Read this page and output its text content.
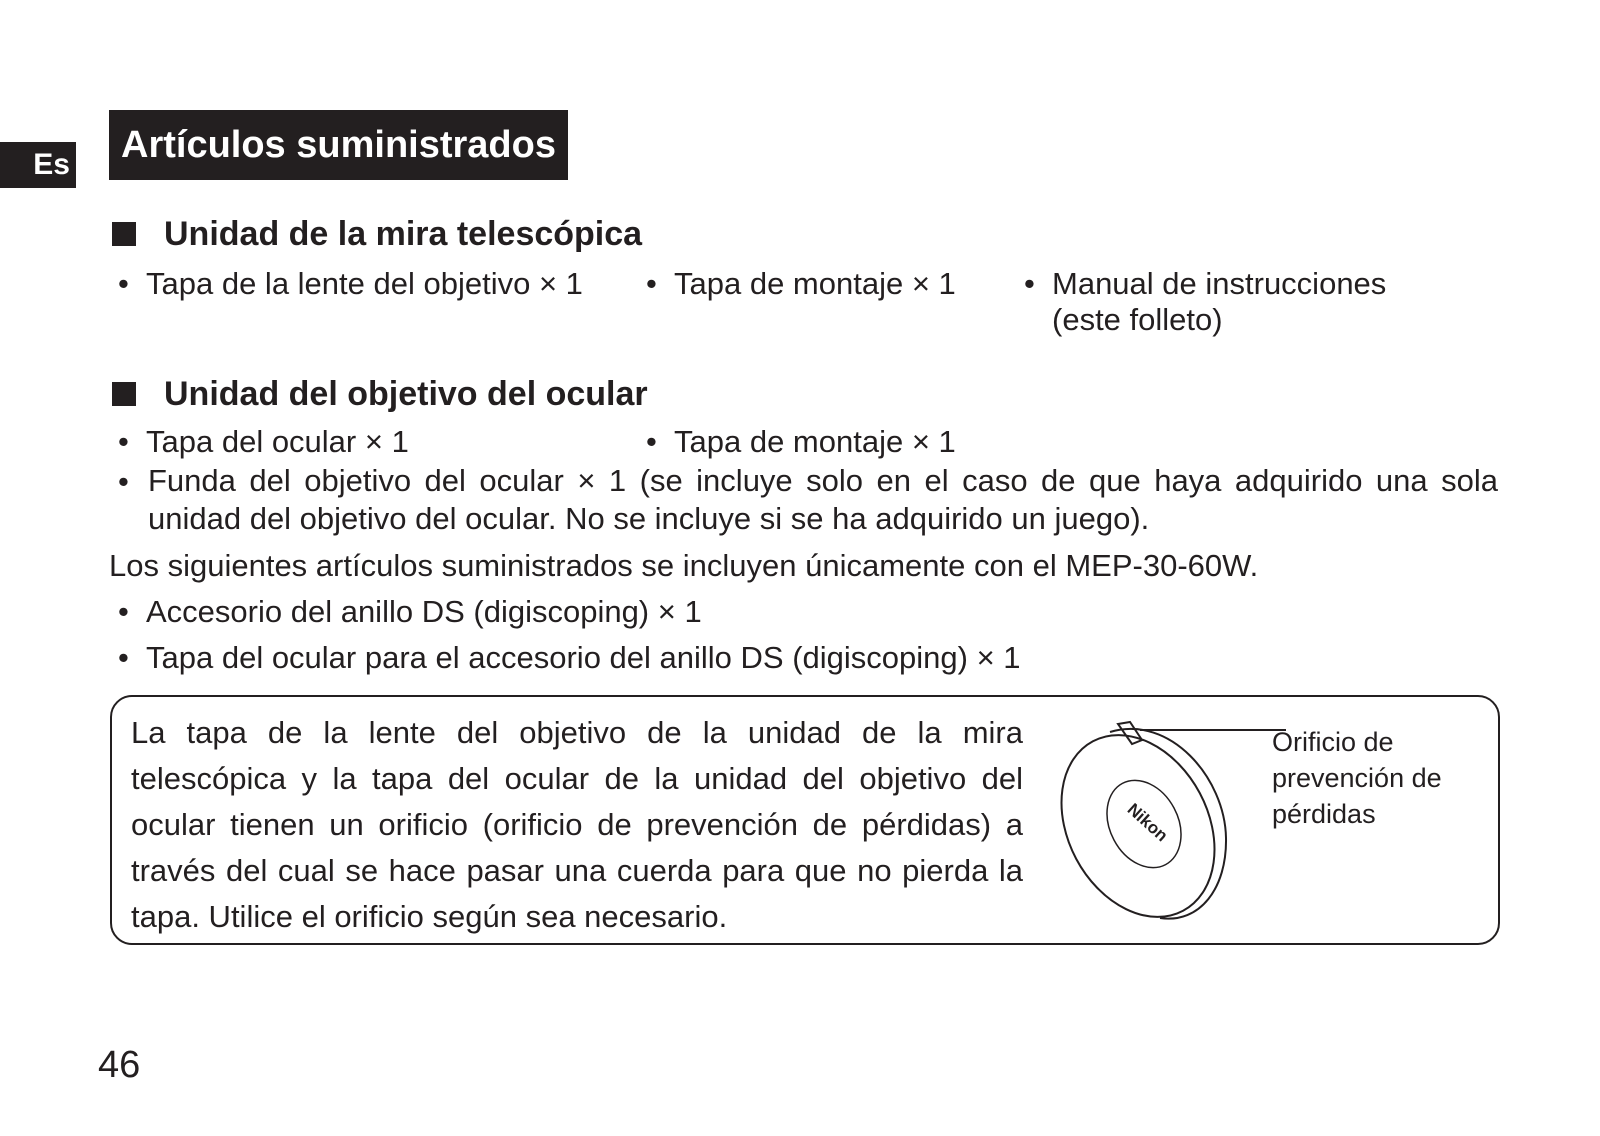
Es	Artículos suministrados
Unidad de la mira telescópica
• Tapa de la lente del objetivo × 1 • Tapa de montaje × 1 • Manual de instrucciones
(este folleto)
Unidad del objetivo del ocular
• Tapa del ocular × 1	• Tapa de montaje × 1
• Funda del objetivo del ocular × 1 (se incluye solo en el caso de que haya adquirido una sola unidad del objetivo del ocular. No se incluye si se ha adquirido un juego).
Los siguientes artículos suministrados se incluyen únicamente con el MEP-30-60W.
• Accesorio del anillo DS (digiscoping) × 1
• Tapa del ocular para el accesorio del anillo DS (digiscoping) × 1
La tapa de la lente del objetivo de la unidad de la mira telescópica y la tapa del ocular de la unidad del objetivo del ocular tienen un orificio (orificio de prevención de pérdidas) a través del cual se hace pasar una cuerda para que no pierda la tapa. Utilice el orificio según sea necesario.
Nikon
Orificio de
prevención de
pérdidas
46
